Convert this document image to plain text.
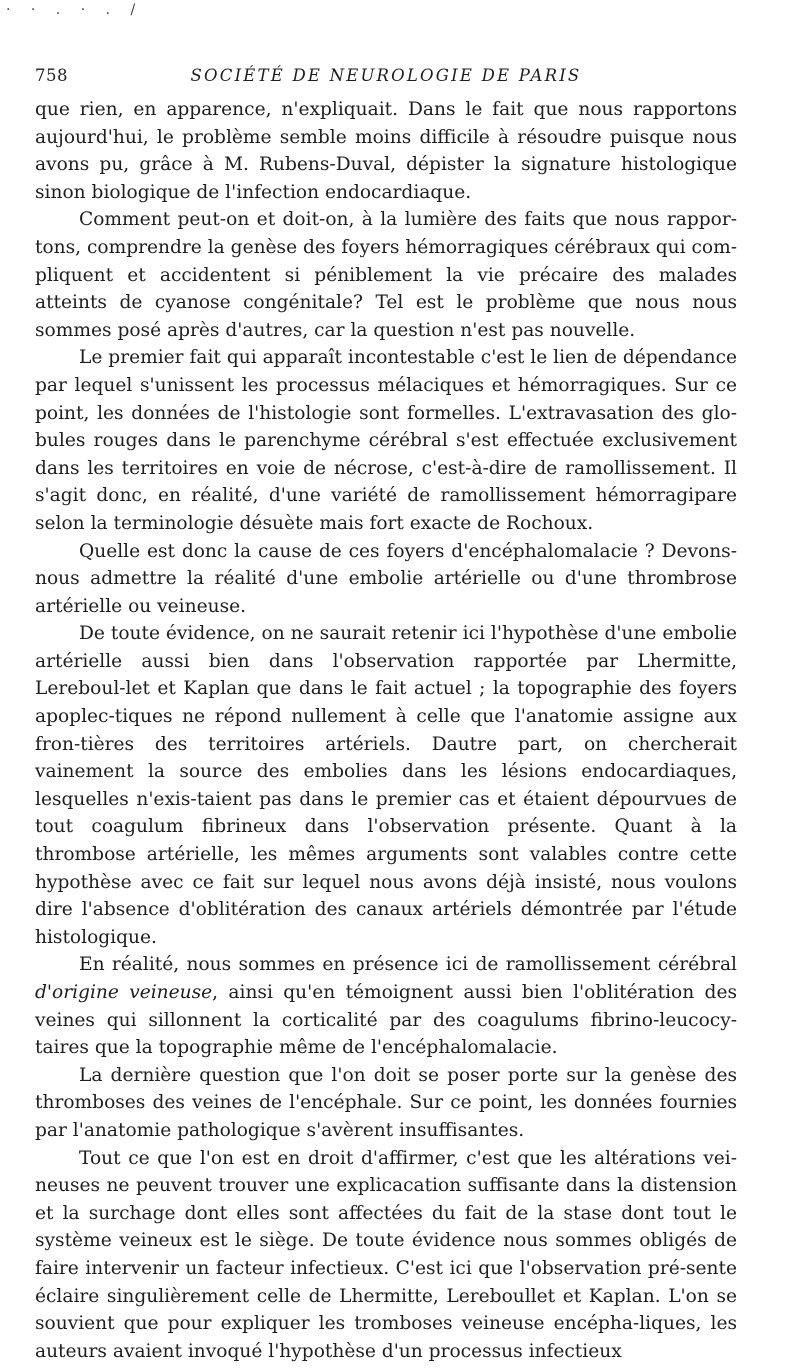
· · . · . /
758	SOCIÉTÉ DE NEUROLOGIE DE PARIS

que rien, en apparence, n'expliquait. Dans le fait que nous rapportons aujourd'hui, le problème semble moins difficile à résoudre puisque nous avons pu, grâce à M. Rubens-Duval, dépister la signature histologique sinon biologique de l'infection endocardiaque.

Comment peut-on et doit-on, à la lumière des faits que nous rappor-tons, comprendre la genèse des foyers hémorragiques cérébraux qui com-pliquent et accidentent si péniblement la vie précaire des malades atteints de cyanose congénitale? Tel est le problème que nous nous sommes posé après d'autres, car la question n'est pas nouvelle.

Le premier fait qui apparaît incontestable c'est le lien de dépendance par lequel s'unissent les processus mélaciques et hémorragiques. Sur ce point, les données de l'histologie sont formelles. L'extravasation des glo-bules rouges dans le parenchyme cérébral s'est effectuée exclusivement dans les territoires en voie de nécrose, c'est-à-dire de ramollissement. Il s'agit donc, en réalité, d'une variété de ramollissement hémorragipare selon la terminologie désuète mais fort exacte de Rochoux.

Quelle est donc la cause de ces foyers d'encéphalomalacie ? Devons-nous admettre la réalité d'une embolie artérielle ou d'une thrombrose artérielle ou veineuse.

De toute évidence, on ne saurait retenir ici l'hypothèse d'une embolie artérielle aussi bien dans l'observation rapportée par Lhermitte, Lereboul-let et Kaplan que dans le fait actuel ; la topographie des foyers apoplec-tiques ne répond nullement à celle que l'anatomie assigne aux fron-tières des territoires artériels. Dautre part, on chercherait vainement la source des embolies dans les lésions endocardiaques, lesquelles n'exis-taient pas dans le premier cas et étaient dépourvues de tout coagulum fibrineux dans l'observation présente. Quant à la thrombose artérielle, les mêmes arguments sont valables contre cette hypothèse avec ce fait sur lequel nous avons déjà insisté, nous voulons dire l'absence d'oblitération des canaux artériels démontrée par l'étude histologique.

En réalité, nous sommes en présence ici de ramollissement cérébral d'origine veineuse, ainsi qu'en témoignent aussi bien l'oblitération des veines qui sillonnent la corticalité par des coagulums fibrino-leucocy-taires que la topographie même de l'encéphalomalacie.

La dernière question que l'on doit se poser porte sur la genèse des thromboses des veines de l'encéphale. Sur ce point, les données fournies par l'anatomie pathologique s'avèrent insuffisantes.

Tout ce que l'on est en droit d'affirmer, c'est que les altérations vei-neuses ne peuvent trouver une explicacation suffisante dans la distension et la surchage dont elles sont affectées du fait de la stase dont tout le système veineux est le siège. De toute évidence nous sommes obligés de faire intervenir un facteur infectieux. C'est ici que l'observation pré-sente éclaire singulièrement celle de Lhermitte, Lereboullet et Kaplan. L'on se souvient que pour expliquer les tromboses veineuse encépha-liques, les auteurs avaient invoqué l'hypothèse d'un processus infectieux
